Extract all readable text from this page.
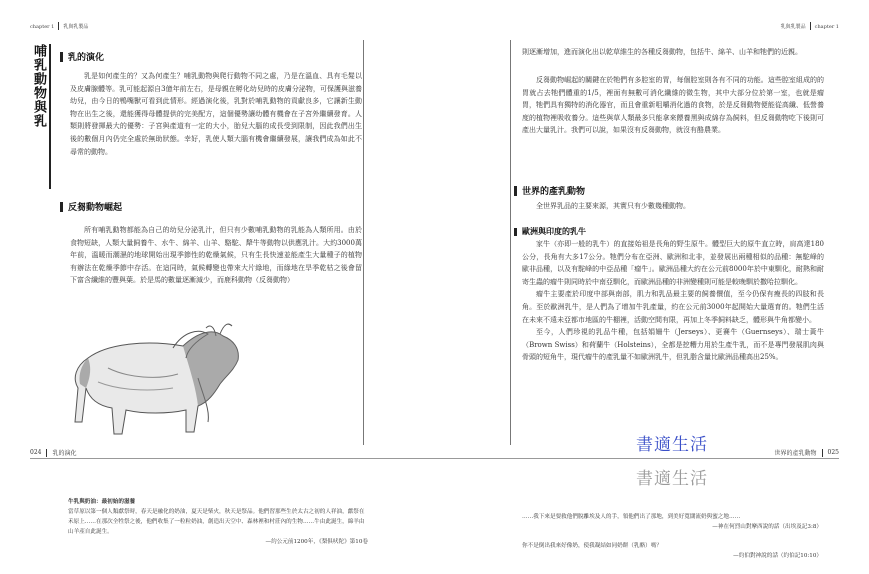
chapter 1 乳與乳製品
哺乳動物與乳 乳的演化

乳是如何產生的？又為何產生？哺乳動物與爬行動物不同之處，乃是在溫血、具有毛髮以及皮膚腺體等。乳可能起源自3億年前左右，是母親在孵化幼兒時的皮膚分泌物，可保護與滋養幼兒，由今日的鴨嘴獸可看到此情形。經過演化後，乳對於哺乳動物的貢獻良多，它讓新生動物在出生之後，還能獲得母體提供的完美配方，這個優勢讓幼體有機會在子宮外繼續發育。人類則將發揮最大的優勢：子宮與產道有一定的大小，胎兒大腦的成長受到限制，因此我們出生後的數個月內仍完全處於無助狀態。幸好，乳使人類大腦有機會繼續發展，讓我們成為如此不尋常的動物。

反芻動物崛起

所有哺乳動物都能為自己的幼兒分泌乳汁，但只有少數哺乳動物的乳能為人類所用。由於食物短缺，人類大量飼養牛、水牛、綿羊、山羊、駱駝、犛牛等動物以供應乳汁。大約3000萬年前，溫暖而潮濕的地球開始出現季節性的乾燥氣候，只有生長快速並能產生大量種子的植物有辦法在乾燥季節中存活。在這同時，氣候轉變也帶來大片綠地，而綠地在旱季乾枯之後會留下富含纖維的豐與葉。於是馬的數量逐漸減少，而鹿科動物（反芻動物）

024 乳的演化

牛乳與奶油：最初始的滋養

當草原以第一個人類獻祭時，春天是融化的奶油，夏天是柴火，秋天是祭品。他們習那些生於太古之初的人祥油，獻祭在禾原上……在那次全牲祭之後，他們收集了一粒粒奶油，創造出天空中、森林裡和村莊內的生物……牛由此誕生，綿羊由山羊產自此誕生。

—約公元前1200年，《梨俱吠陀》第10卷

乳與乳製品 chapter 1

則逐漸增加，進而演化出以乾草維生的各種反芻動物，包括牛、綿羊、山羊和牠們的近親。

反芻動物崛起的關鍵在於牠們有多腔室的胃，每個腔室則各有不同的功能。這些腔室組成的的胃就占去牠們體重的1/5，裡面有無數可消化纖維的微生物，其中大部分位於第一室，也就是瘤胃，牠們具有獨特的消化器官，而且會重新咀嚼消化過的食物，於是反芻動物便能從高纖、低營養度的植物裡吸收養分。這些與草人類最多只能拿來餵養黑與成綿存為飼料，但反芻動物吃下後則可產出大量乳汁。我們可以說，如果沒有反芻動物，就沒有酪農業。

世界的產乳動物

全世界乳品的主要來源，其實只有少數幾種動物。

歐洲與印度的乳牛

家牛（亦即一般的乳牛）的直接始祖是長角的野生原牛。體型巨大的原牛直立時，肩高達180公分，長角有大多17公分。牠們分布在亞洲、歐洲和北非，並發展出兩種相似的品種：無駝峰的歐非品種，以及有駝峰的中亞品種「瘤牛」。歐洲品種大約在公元前8000年於中東馴化，耐熱和耐寄生蟲的瘤牛則同時於中南亞馴化，而歐洲品種的非洲變種則可能是較晚馴於撒哈拉馴化。

瘤牛主要產於印度中部與南部，肌力和乳品最主要的飼養價值，至今仍保有瘦長的四肢和長角。至於歐洲乳牛，是人們為了增加牛乳產量，約在公元前3000年起開始大量選育的。牠們生活在未來不遠未亞都市地區的牛棚裡，活動空間有限，再加上冬季飼料缺乏，體形與牛角都變小。

至今，人們珍視的乳品牛種，包括娟姍牛（Jerseys）、更賽牛（Guernseys）、瑞士黃牛（Brown Swiss）和荷蘭牛（Holsteins），全都是挖糟力用於生產牛乳，而不是專門發展肌肉與骨頭的短角牛，現代瘤牛的產乳量不如歐洲乳牛，但乳脂含量比歐洲品種高出25%。

書適生活
書適生活
世界的產乳動物 025

……我下來是要救他們脫離埃及人的手，領他們出了那地，到美好寬闊流奶與蜜之地……

—神在何烈山對摩西說的話（出埃及記3:8）

你不是倒出我來好像奶，使我凝結如同奶餅（乳酪）嗎？

—約伯對神說的話（約伯記10:10）
